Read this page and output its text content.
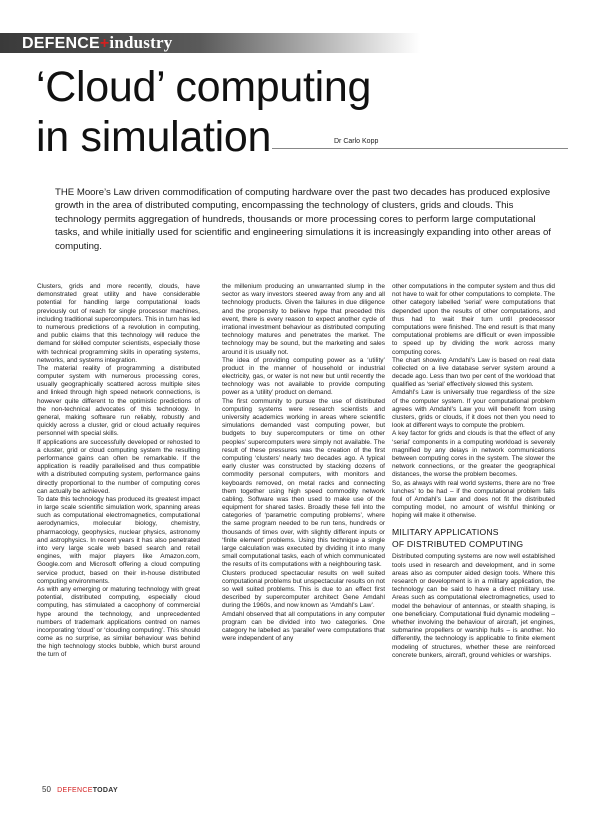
DEFENCE+industry
‘Cloud’ computing
in simulation	Dr Carlo Kopp
THE Moore’s Law driven commodification of computing hardware over the past two decades has produced explosive growth in the area of distributed computing, encompassing the technology of clusters, grids and clouds. This technology permits aggregation of hundreds, thousands or more processing cores to perform large computational tasks, and while initially used for scientific and engineering simulations it is increasingly expanding into other areas of computing.

Clusters, grids and more recently, clouds, have demonstrated great utility and have considerable potential for handling large computational loads previously out of reach for single processor machines, including traditional supercomputers. This in turn has led to numerous predictions of a revolution in computing, and public claims that this technology will reduce the demand for skilled computer scientists, especially those with technical programming skills in operating systems, networks, and systems integration.

The material reality of programming a distributed computer system with numerous processing cores, usually geographically scattered across multiple sites and linked through high speed network connections, is however quite different to the optimistic predictions of the non-technical advocates of this technology. In general, making software run reliably, robustly and quickly across a cluster, grid or cloud actually requires personnel with special skills.

If applications are successfully developed or rehosted to a cluster, grid or cloud computing system the resulting performance gains can often be remarkable. If the application is readily parallelised and thus compatible with a distributed computing system, performance gains directly proportional to the number of computing cores can actually be achieved.

To date this technology has produced its greatest impact in large scale scientific simulation work, spanning areas such as computational electromagnetics, computational aerodynamics, molecular biology, chemistry, pharmacology, geophysics, nuclear physics, astronomy and astrophysics. In recent years it has also penetrated into very large scale web based search and retail engines, with major players like Amazon.com, Google.com and Microsoft offering a cloud computing service product, based on their in-house distributed computing environments.

As with any emerging or maturing technology with great potential, distributed computing, especially cloud computing, has stimulated a cacophony of commercial hype around the technology, and unprecedented numbers of trademark applications centred on names incorporating ‘cloud’ or ‘clouding computing’. This should come as no surprise, as similar behaviour was behind the high technology stocks bubble, which burst around the turn of

the millenium producing an unwarranted slump in the sector as wary investors steered away from any and all technology products. Given the failures in due diligence and the propensity to believe hype that preceded this event, there is every reason to expect another cycle of irrational investment behaviour as distributed computing technology matures and penetrates the market. The technology may be sound, but the marketing and sales around it is usually not.

The idea of providing computing power as a ‘utility’ product in the manner of household or industrial electricity, gas, or water is not new but until recently the technology was not available to provide computing power as a ‘utility’ product on demand.

The first community to pursue the use of distributed computing systems were research scientists and university academics working in areas where scientific simulations demanded vast computing power, but budgets to buy supercomputers or time on other peoples’ supercomputers were simply not available. The result of these pressures was the creation of the first computing ‘clusters’ nearly two decades ago. A typical early cluster was constructed by stacking dozens of commodity personal computers, with monitors and keyboards removed, on metal racks and connecting them together using high speed commodity network cabling. Software was then used to make use of the equipment for shared tasks. Broadly these fell into the categories of ‘parametric computing problems’, where the same program needed to be run tens, hundreds or thousands of times over, with slightly different inputs or ‘finite element’ problems. Using this technique a single large calculation was executed by dividing it into many small computational tasks, each of which communicated the results of its computations with a neighbouring task.

Clusters produced spectacular results on well suited computational problems but unspectacular results on not so well suited problems. This is due to an effect first described by supercomputer architect Gene Amdahl during the 1960s, and now known as ‘Amdahl’s Law’.

Amdahl observed that all computations in any computer program can be divided into two categories. One category he labelled as ‘parallel’ were computations that were independent of any

other computations in the computer system and thus did not have to wait for other computations to complete. The other category labelled ‘serial’ were computations that depended upon the results of other computations, and thus had to wait their turn until predecessor computations were finished. The end result is that many computational problems are difficult or even impossible to speed up by dividing the work across many computing cores.

The chart showing Amdahl’s Law is based on real data collected on a live database server system around a decade ago. Less than two per cent of the workload that qualified as ‘serial’ effectively slowed this system.

Amdahl’s Law is universally true regardless of the size of the computer system. If your computational problem agrees with Amdahl’s Law you will benefit from using clusters, grids or clouds, if it does not then you need to look at different ways to compute the problem.

A key factor for grids and clouds is that the effect of any ‘serial’ components in a computing workload is severely magnified by any delays in network communications between computing cores in the system. The slower the network connections, or the greater the geographical distances, the worse the problem becomes.

So, as always with real world systems, there are no ‘free lunches’ to be had – if the computational problem falls foul of Amdahl’s Law and does not fit the distributed computing model, no amount of wishful thinking or hoping will make it otherwise.

MILITARY APPLICATIONS
OF DISTRIBUTED COMPUTING

Distributed computing systems are now well established tools used in research and development, and in some areas also as computer aided design tools. Where this research or development is in a military application, the technology can be said to have a direct military use. Areas such as computational electromagnetics, used to model the behaviour of antennas, or stealth shaping, is one beneficiary. Computational fluid dynamic modeling – whether involving the behaviour of aircraft, jet engines, submarine propellers or warship hulls – is another. No differently, the technology is applicable to finite element modeling of structures, whether these are reinforced concrete bunkers, aircraft, ground vehicles or warships.

50 DEFENCETODAY
